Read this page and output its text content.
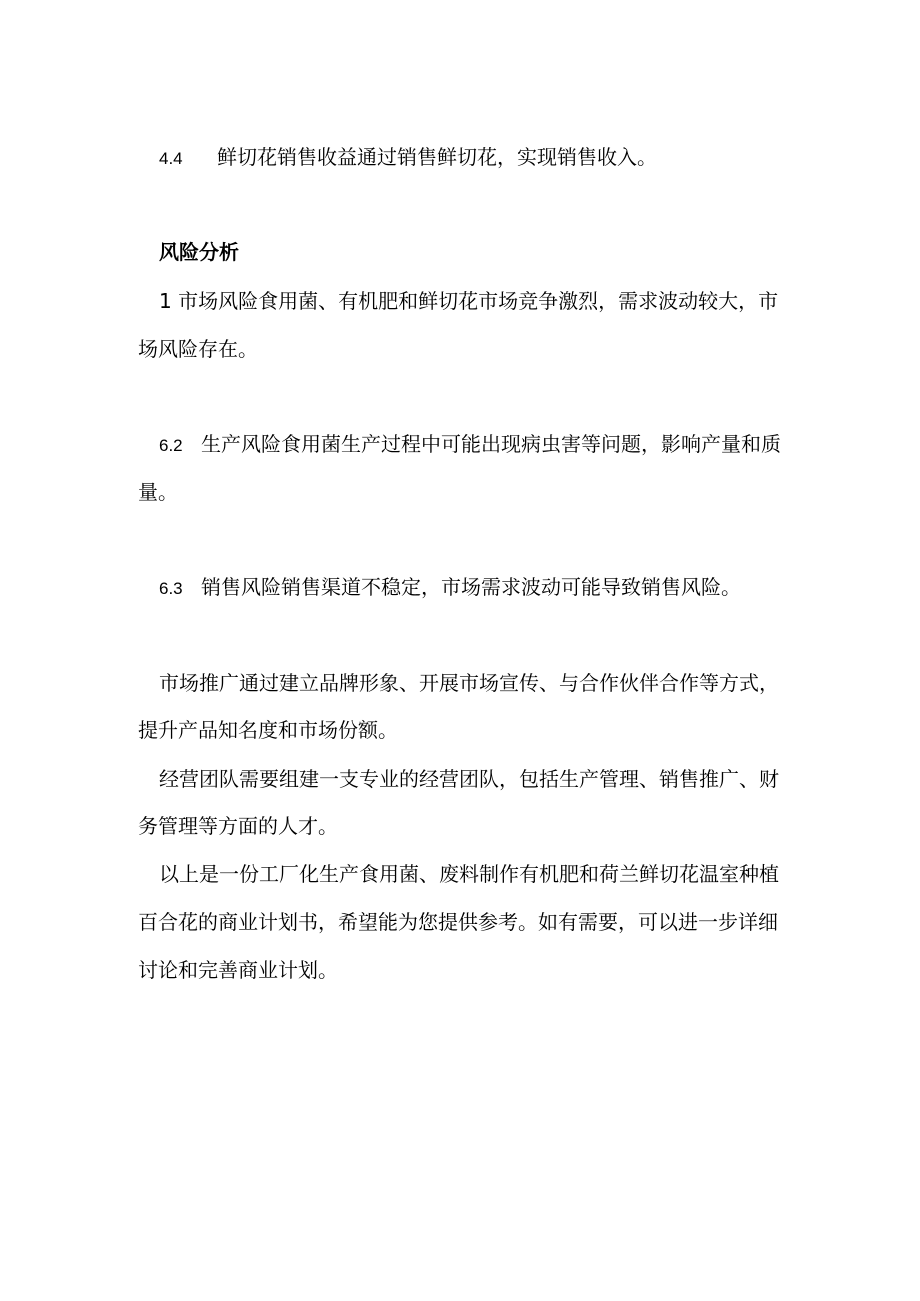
4.4 鲜切花销售收益通过销售鲜切花，实现销售收入。
风险分析
1 市场风险食用菌、有机肥和鲜切花市场竞争激烈，需求波动较大，市
场风险存在。
6.2 生产风险食用菌生产过程中可能出现病虫害等问题，影响产量和质
量。
6.3 销售风险销售渠道不稳定，市场需求波动可能导致销售风险。
市场推广通过建立品牌形象、开展市场宣传、与合作伙伴合作等方式，
提升产品知名度和市场份额。
经营团队需要组建一支专业的经营团队，包括生产管理、销售推广、财
务管理等方面的人才。
以上是一份工厂化生产食用菌、废料制作有机肥和荷兰鲜切花温室种植
百合花的商业计划书，希望能为您提供参考。如有需要，可以进一步详细
讨论和完善商业计划。
